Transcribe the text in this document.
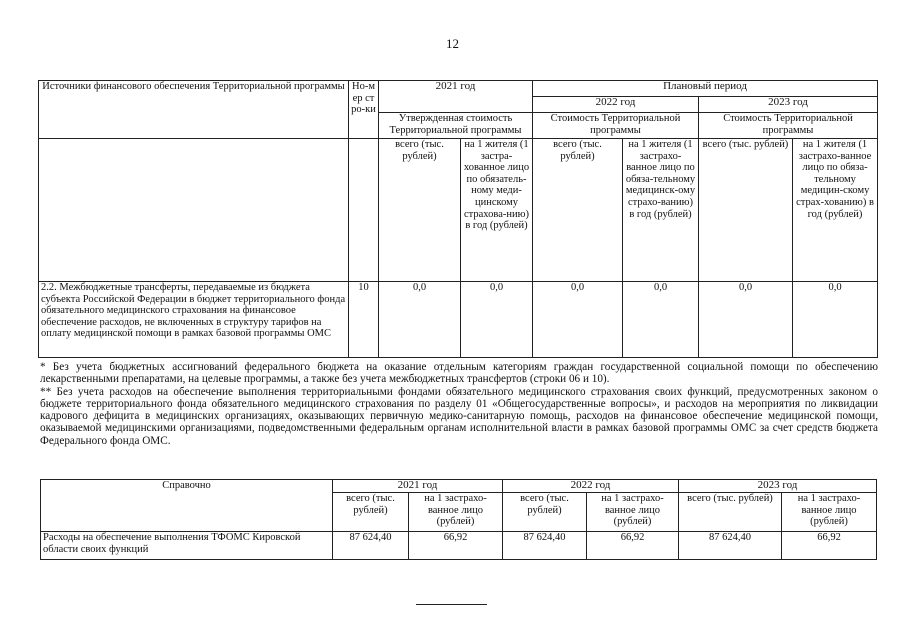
12
Источники финансового обеспечения Территориальной программы	Но-мер стро-ки	2021 год		Плановый период			
				2022 год		2023 год	
		Утвержденная стоимость Территориальной программы		Стоимость Территориальной программы		Стоимость Территориальной программы	
		всего (тыс. рублей)	на 1 жителя (1 застра-хованное лицо по обязатель-ному меди-цинскому страхова-нию) в год (рублей)	всего (тыс. рублей)	на 1 жителя (1 застрахо-ванное лицо по обяза-тельному медицинск-ому страхо-ванию) в год (рублей)	всего (тыс. рублей)	на 1 жителя (1 застрахо-ванное лицо по обяза-тельному медицин-скому страх-хованию) в год (рублей)
2.2. Межбюджетные трансферты, передаваемые из бюджета субъекта Российской Федерации в бюджет территориального фонда обязательного медицинского страхования на финансовое обеспечение расходов, не включенных в структуру тарифов на оплату медицинской помощи в рамках базовой программы ОМС	10	0,0	0,0	0,0	0,0	0,0	0,0

* Без учета бюджетных ассигнований федерального бюджета на оказание отдельным категориям граждан государственной социальной помощи по обеспечению лекарственными препаратами, на целевые программы, а также без учета межбюджетных трансфертов (строки 06 и 10).

** Без учета расходов на обеспечение выполнения территориальными фондами обязательного медицинского страхования своих функций, предусмотренных законом о бюджете территориального фонда обязательного медицинского страхования по разделу 01 «Общегосударственные вопросы», и расходов на мероприятия по ликвидации кадрового дефицита в медицинских организациях, оказывающих первичную медико-санитарную помощь, расходов на финансовое обеспечение медицинской помощи, оказываемой медицинскими организациями, подведомственными федеральным органам исполнительной власти в рамках базовой программы ОМС за счет средств бюджета Федерального фонда ОМС.

Справочно	2021 год		2022 год		2023 год	
	всего (тыс. рублей)	на 1 застрахо-ванное лицо (рублей)	всего (тыс. рублей)	на 1 застрахо-ванное лицо (рублей)	всего (тыс. рублей)	на 1 застрахо-ванное лицо (рублей)
Расходы на обеспечение выполнения ТФОМС Кировской области своих функций	87 624,40	66,92	87 624,40	66,92	87 624,40	66,92
